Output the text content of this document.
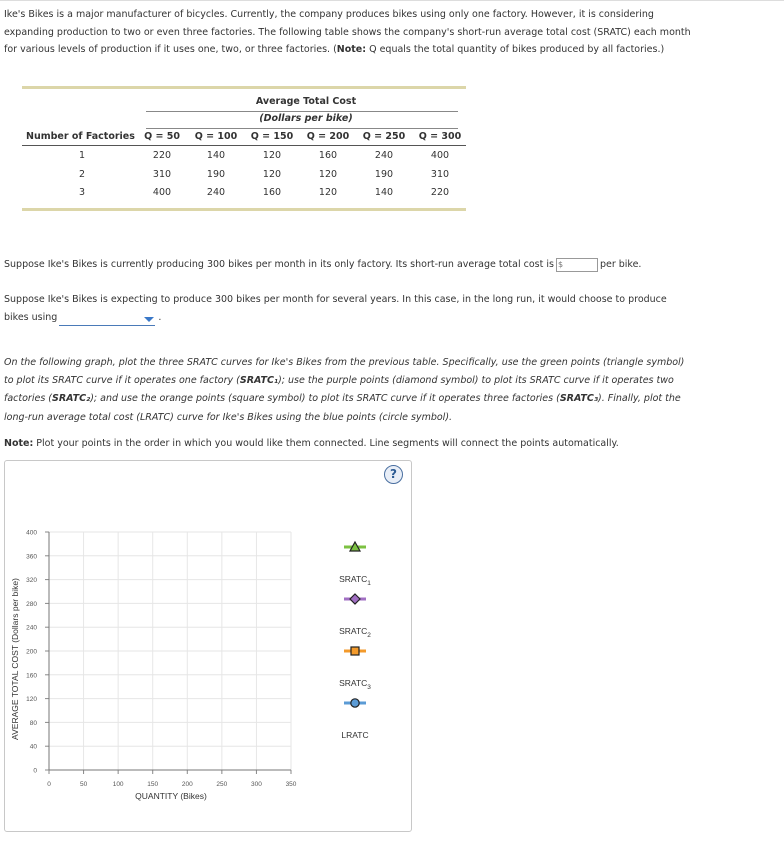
Ike's Bikes is a major manufacturer of bicycles. Currently, the company produces bikes using only one factory. However, it is considering expanding production to two or even three factories. The following table shows the company's short-run average total cost (SRATC) each month for various levels of production if it uses one, two, or three factories. (Note: Q equals the total quantity of bikes produced by all factories.)
Average Total Cost
(Dollars per bike)
Number of Factories Q = 50 Q = 100 Q = 150 Q = 200 Q = 250 Q = 300
1	220	140	120	160	240	400
2	310	190	120	120	190	310
3	400	240	160	120	140	220
Suppose Ike's Bikes is currently producing 300 bikes per month in its only factory. Its short-run average total cost is$	per bike.
Suppose Ike's Bikes is expecting to produce 300 bikes per month for several years. In this case, in the long run, it would choose to produce bikes using	.
On the following graph, plot the three SRATC curves for Ike's Bikes from the previous table. Specifically, use the green points (triangle symbol) to plot its SRATC curve if it operates one factory (SRATC₁); use the purple points (diamond symbol) to plot its SRATC curve if it operates two factories (SRATC₂); and use the orange points (square symbol) to plot its SRATC curve if it operates three factories (SRATC₃). Finally, plot the long-run average total cost (LRATC) curve for Ike's Bikes using the blue points (circle symbol).
Note: Plot your points in the order in which you would like them connected. Line segments will connect the points automatically.
?
0
40
80
120
160
200
240
280
320
360
400
0	50	100	150	200	250	300	350
AVERAGE TOTAL COST (Dollars per bike)
QUANTITY (Bikes)
$SRATC_1$
$SRATC_2$
$SRATC_3$
LRATC
